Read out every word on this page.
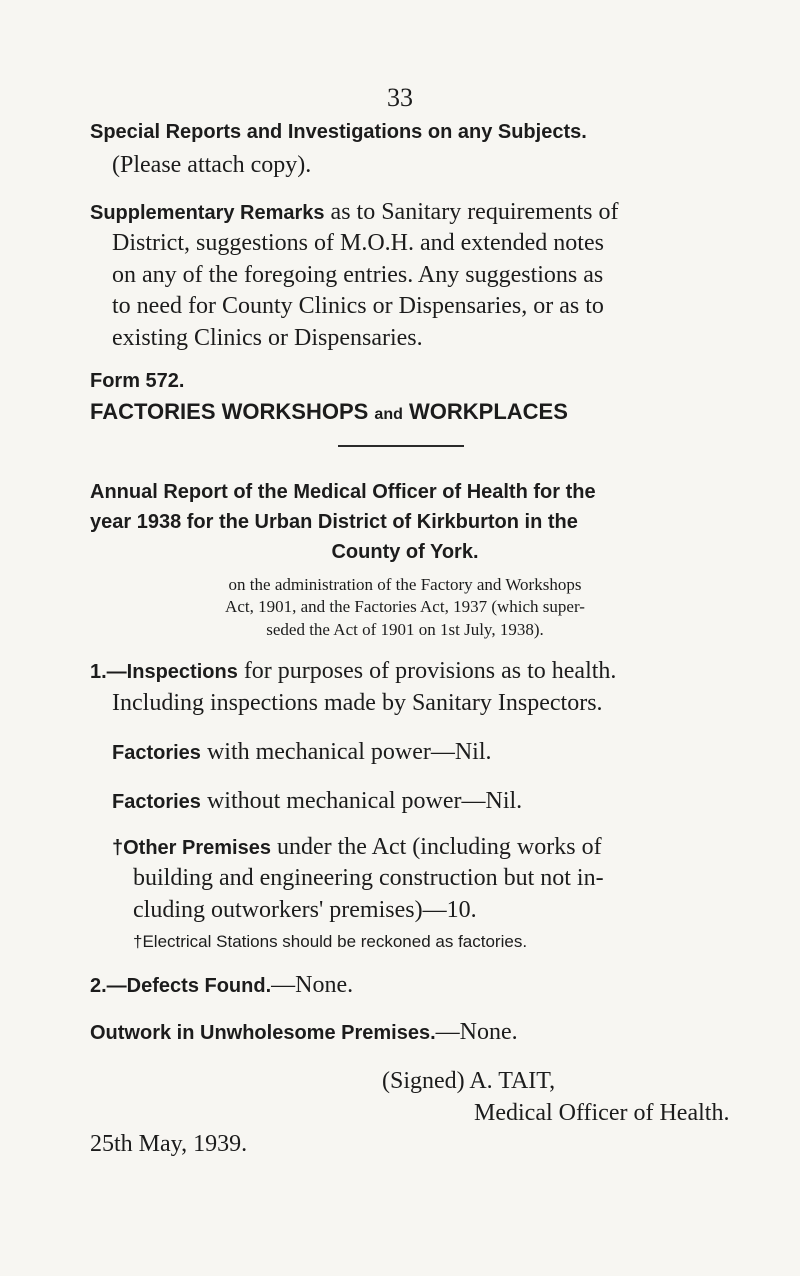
33
Special Reports and Investigations on any Subjects.
(Please attach copy).
Supplementary Remarks as to Sanitary requirements of
District, suggestions of M.O.H. and extended notes
on any of the foregoing entries. Any suggestions as
to need for County Clinics or Dispensaries, or as to
existing Clinics or Dispensaries.
Form 572.
FACTORIES WORKSHOPS and WORKPLACES
Annual Report of the Medical Officer of Health for the
year 1938 for the Urban District of Kirkburton in the
County of York.
on the administration of the Factory and Workshops
Act, 1901, and the Factories Act, 1937 (which super-
seded the Act of 1901 on 1st July, 1938).
1.—Inspections for purposes of provisions as to health.
Including inspections made by Sanitary Inspectors.
Factories with mechanical power—Nil.
Factories without mechanical power—Nil.
†Other Premises under the Act (including works of
building and engineering construction but not in-
cluding outworkers' premises)—10.
†Electrical Stations should be reckoned as factories.
2.—Defects Found.—None.
Outwork in Unwholesome Premises.—None.
(Signed) A. TAIT,
Medical Officer of Health.
25th May, 1939.
